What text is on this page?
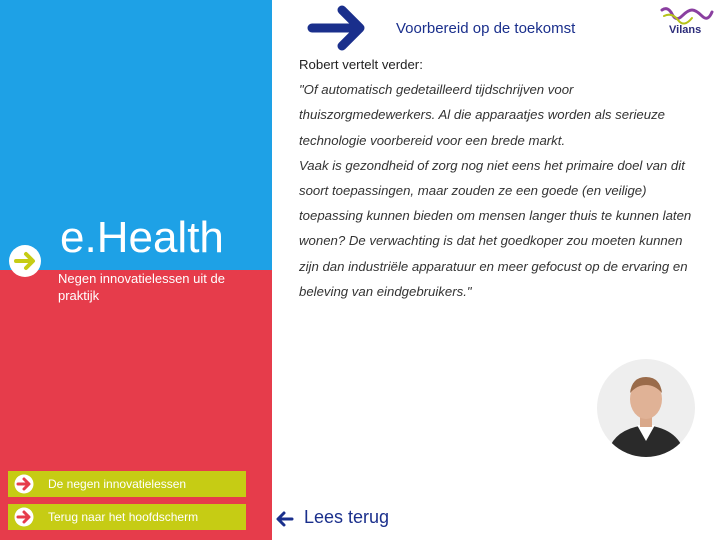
Voorbereid op de toekomst	Vilans

Robert vertelt verder:

"Of automatisch gedetailleerd tijdschrijven voor thuiszorgmedewerkers. Al die apparaatjes worden als serieuze technologie voorbereid voor een brede markt.

Vaak is gezondheid of zorg nog niet eens het primaire doel van dit soort toepassingen, maar zouden ze een goede (en veilige) toepassing kunnen bieden om mensen langer thuis te kunnen laten wonen? De verwachting is dat het goedkoper zou moeten kunnen zijn dan industriële apparatuur en meer gefocust op de ervaring en beleving van eindgebruikers."

e.Health
Negen innovatielessen uit de praktijk
De negen innovatielessen
Terug naar het hoofdscherm	Lees terug
